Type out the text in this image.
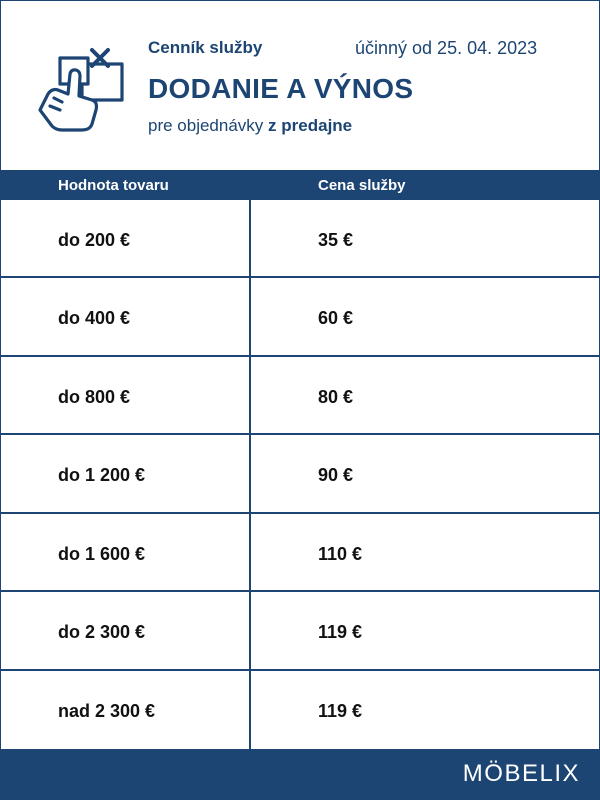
Cenník služby	účinný od 25. 04. 2023
DODANIE A VÝNOS
pre objednávky z predajne
Hodnota tovaru	Cena služby
do 200 €	35 €
do 400 €	60 €
do 800 €	80 €
do 1 200 €	90 €
do 1 600 €	110 €
do 2 300 €	119 €
nad 2 300 €	119 €
MÖBELIX
